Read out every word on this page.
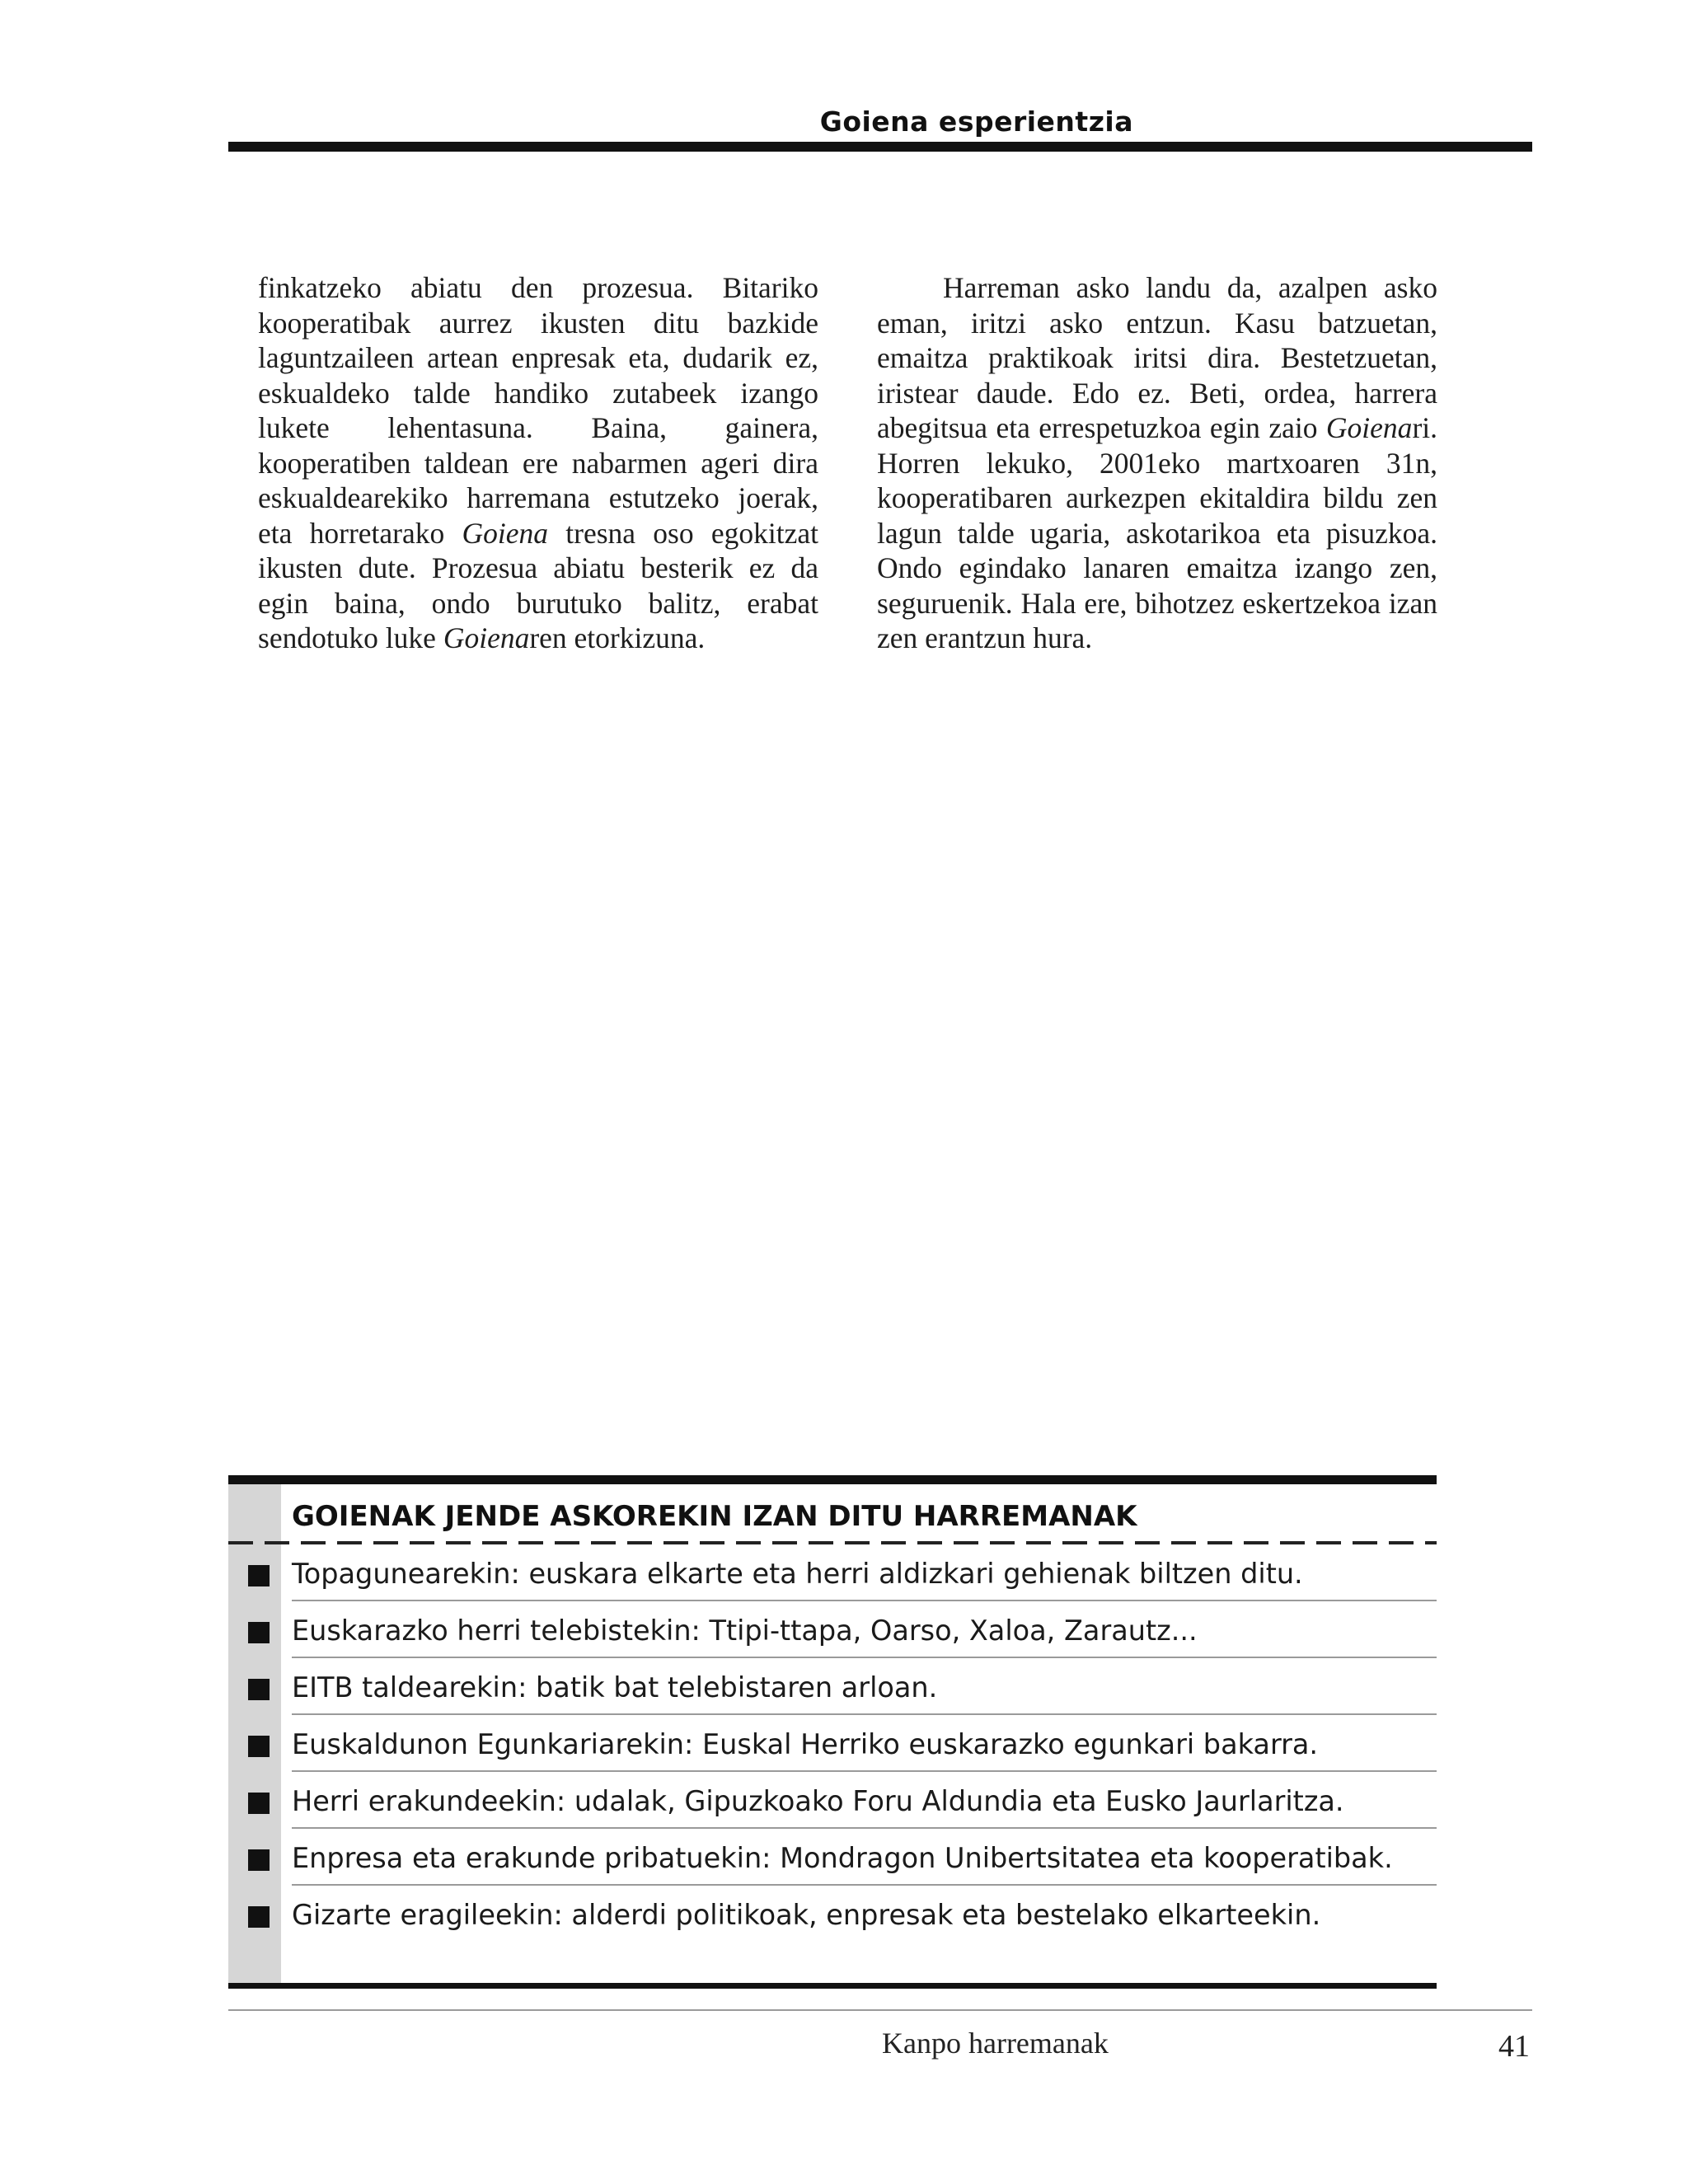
Goiena esperientzia

finkatzeko abiatu den prozesua. Bitariko kooperatibak aurrez ikusten ditu bazkide laguntzaileen artean enpresak eta, dudarik ez, eskualdeko talde handiko zutabeek izango lukete lehentasuna. Baina, gainera, kooperatiben taldean ere nabarmen ageri dira eskualdearekiko harremana estutzeko joerak, eta horretarako Goiena tresna oso egokitzat ikusten dute. Prozesua abiatu besterik ez da egin baina, ondo burutuko balitz, erabat sendotuko luke Goienaren etorkizuna.

Harreman asko landu da, azalpen asko eman, iritzi asko entzun. Kasu batzuetan, emaitza praktikoak iritsi dira. Bestetzuetan, iristear daude. Edo ez. Beti, ordea, harrera abegitsua eta errespetuzkoa egin zaio Goienari. Horren lekuko, 2001eko martxoaren 31n, kooperatibaren aurkezpen ekitaldira bildu zen lagun talde ugaria, askotarikoa eta pisuzkoa. Ondo egindako lanaren emaitza izango zen, seguruenik. Hala ere, bihotzez eskertzekoa izan zen erantzun hura.

GOIENAK JENDE ASKOREKIN IZAN DITU HARREMANAK
Topagunearekin: euskara elkarte eta herri aldizkari gehienak biltzen ditu.
Euskarazko herri telebistekin: Ttipi-ttapa, Oarso, Xaloa, Zarautz...
EITB taldearekin: batik bat telebistaren arloan.
Euskaldunon Egunkariarekin: Euskal Herriko euskarazko egunkari bakarra.
Herri erakundeekin: udalak, Gipuzkoako Foru Aldundia eta Eusko Jaurlaritza.
Enpresa eta erakunde pribatuekin: Mondragon Unibertsitatea eta kooperatibak.
Gizarte eragileekin: alderdi politikoak, enpresak eta bestelako elkarteekin.
Kanpo harremanak	41
